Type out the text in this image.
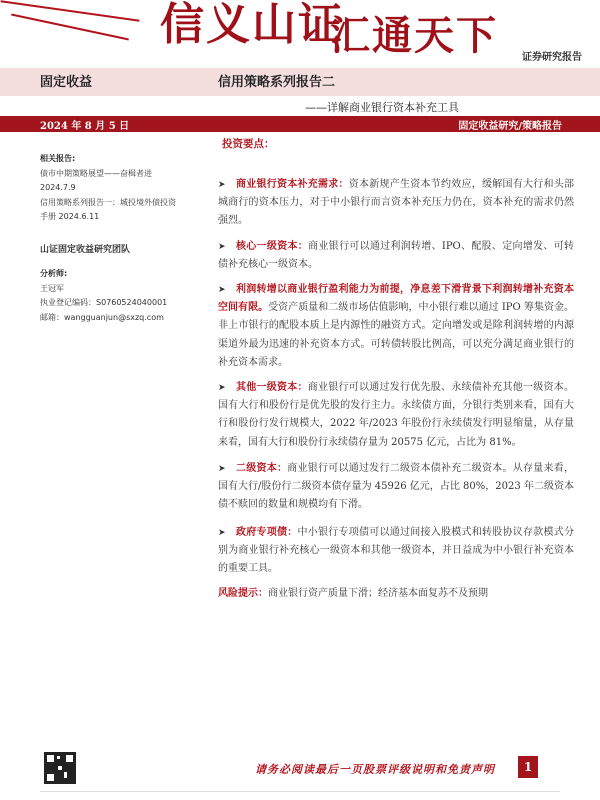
信义山证
汇通天下 证券研究报告
固定收益	信用策略系列报告二
——详解商业银行资本补充工具
2024 年 8 月 5 日	固定收益研究/策略报告
相关报告:
债市中期策略展望——奋楫者进
2024.7.9
信用策略系列报告一：城投境外债投资
手册 2024.6.11
山证固定收益研究团队
分析师:
王冠军
执业登记编码：S0760524040001
邮箱：wangguanjun@sxzq.com
投资要点：
➤	商业银行资本补充需求：资本新规产生资本节约效应，缓解国有大行和头部城商行的资本压力，对于中小银行而言资本补充压力仍在，资本补充的需求仍然强烈。

➤	核心一级资本：商业银行可以通过利润转增、IPO、配股、定向增发、可转债补充核心一级资本。

➤	利润转增以商业银行盈利能力为前提，净息差下滑背景下利润转增补充资本空间有限。受资产质量和二级市场估值影响，中小银行难以通过 IPO 筹集资金。非上市银行的配股本质上是内源性的融资方式。定向增发或是除利润转增的内源渠道外最为迅速的补充资本方式。可转债转股比例高，可以充分满足商业银行的补充资本需求。

➤	其他一级资本：商业银行可以通过发行优先股、永续债补充其他一级资本。国有大行和股份行是优先股的发行主力。永续债方面，分银行类别来看，国有大行和股份行发行规模大，2022 年/2023 年股份行永续债发行明显缩量，从存量来看，国有大行和股份行永续债存量为 20575 亿元，占比为 81%。

➤	二级资本：商业银行可以通过发行二级资本债补充二级资本。从存量来看，国有大行/股份行二级资本债存量为 45926 亿元，占比 80%，2023 年二级资本债不赎回的数量和规模均有下滑。

➤	政府专项债：中小银行专项债可以通过间接入股模式和转股协议存款模式分别为商业银行补充核心一级资本和其他一级资本，并日益成为中小银行补充资本的重要工具。

风险提示：商业银行资产质量下滑；经济基本面复苏不及预期
请务必阅读最后一页股票评级说明和免责声明	1
